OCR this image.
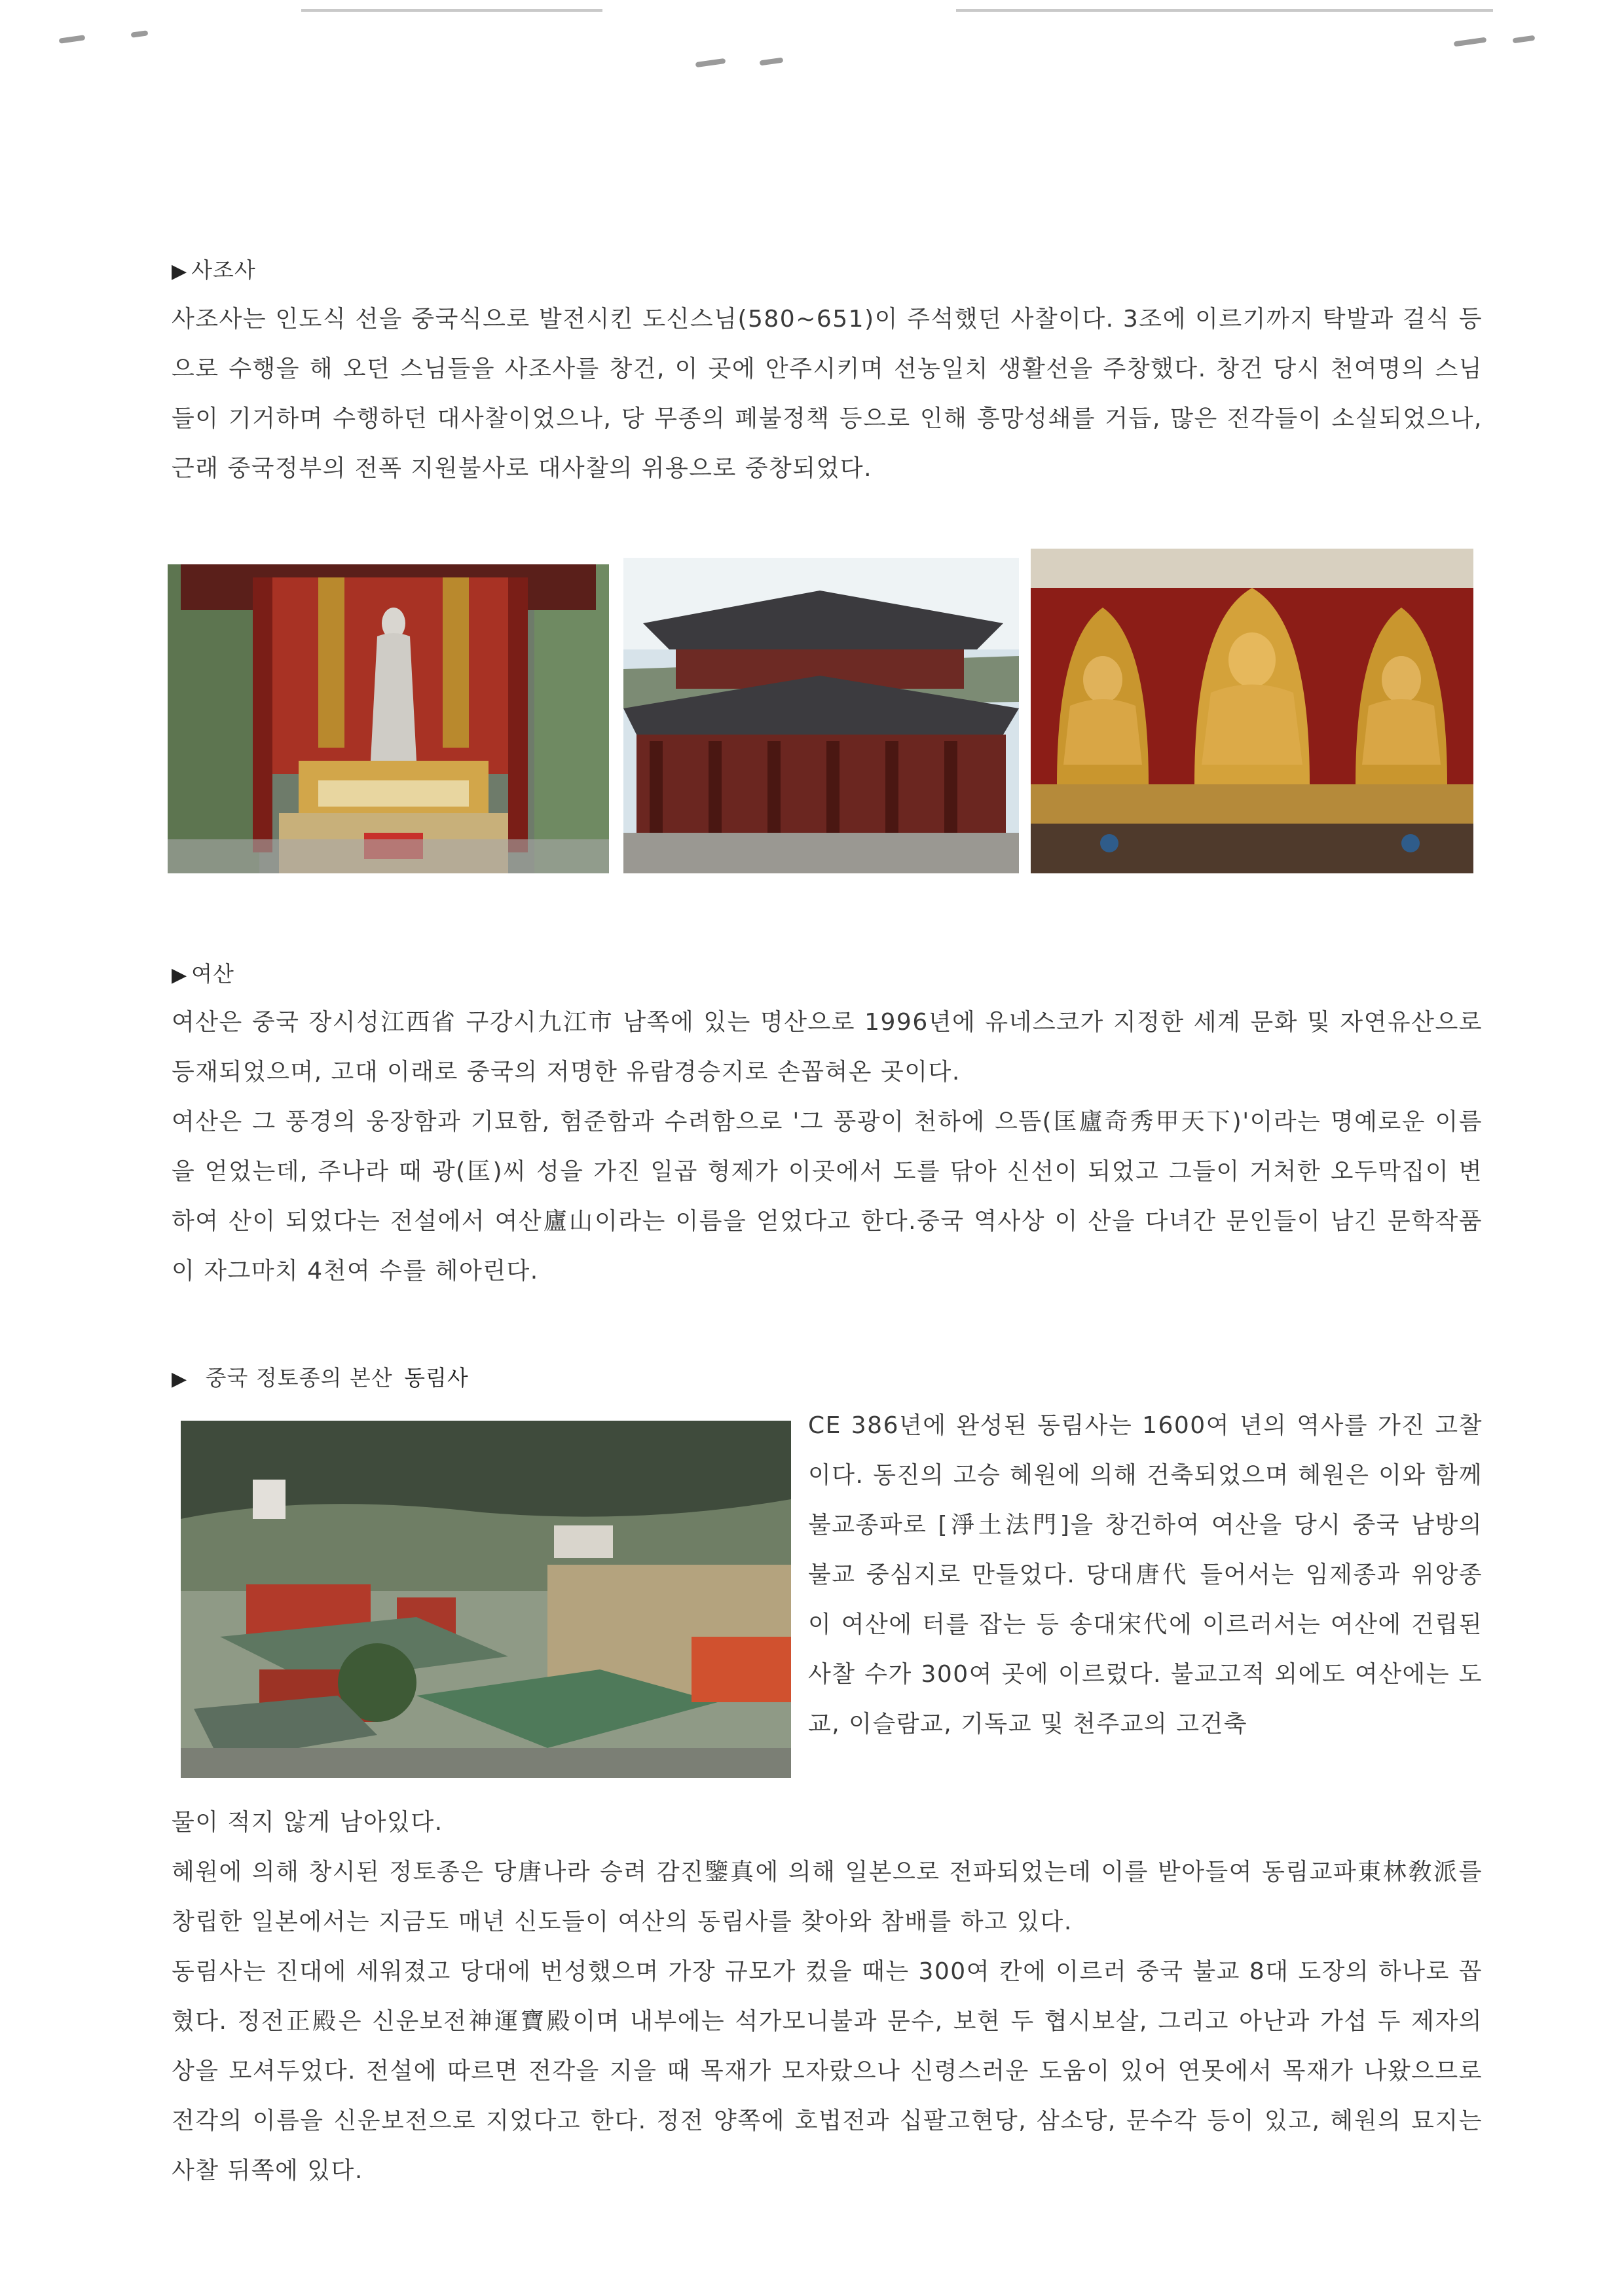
▶ 사조사

사조사는 인도식 선을 중국식으로 발전시킨 도신스님(580~651)이 주석했던 사찰이다. 3조에 이르기까지 탁발과 걸식 등으로 수행을 해 오던 스님들을 사조사를 창건, 이 곳에 안주시키며 선농일치 생활선을 주창했다. 창건 당시 천여명의 스님들이 기거하며 수행하던 대사찰이었으나, 당 무종의 폐불정책 등으로 인해 흥망성쇄를 거듭, 많은 전각들이 소실되었으나, 근래 중국정부의 전폭 지원불사로 대사찰의 위용으로 중창되었다.

▶ 여산

여산은 중국 장시성江西省 구강시九江市 남쪽에 있는 명산으로 1996년에 유네스코가 지정한 세계 문화 및 자연유산으로 등재되었으며, 고대 이래로 중국의 저명한 유람경승지로 손꼽혀온 곳이다.

여산은 그 풍경의 웅장함과 기묘함, 험준함과 수려함으로 '그 풍광이 천하에 으뜸(匡廬奇秀甲天下)'이라는 명예로운 이름을 얻었는데, 주나라 때 광(匡)씨 성을 가진 일곱 형제가 이곳에서 도를 닦아 신선이 되었고 그들이 거처한 오두막집이 변하여 산이 되었다는 전설에서 여산廬山이라는 이름을 얻었다고 한다.중국 역사상 이 산을 다녀간 문인들이 남긴 문학작품이 자그마치 4천여 수를 헤아린다.

▶ 중국 정토종의 본산 동림사

CE 386년에 완성된 동림사는 1600여 년의 역사를 가진 고찰이다. 동진의 고승 혜원에 의해 건축되었으며 혜원은 이와 함께 불교종파로 [淨土法門]을 창건하여 여산을 당시 중국 남방의 불교 중심지로 만들었다. 당대唐代 들어서는 임제종과 위앙종이 여산에 터를 잡는 등 송대宋代에 이르러서는 여산에 건립된 사찰 수가 300여 곳에 이르렀다. 불교고적 외에도 여산에는 도교, 이슬람교, 기독교 및 천주교의 고건축

물이 적지 않게 남아있다.

혜원에 의해 창시된 정토종은 당唐나라 승려 감진鑒真에 의해 일본으로 전파되었는데 이를 받아들여 동림교파東林敎派를 창립한 일본에서는 지금도 매년 신도들이 여산의 동림사를 찾아와 참배를 하고 있다.

동림사는 진대에 세워졌고 당대에 번성했으며 가장 규모가 컸을 때는 300여 칸에 이르러 중국 불교 8대 도장의 하나로 꼽혔다. 정전正殿은 신운보전神運寶殿이며 내부에는 석가모니불과 문수, 보현 두 협시보살, 그리고 아난과 가섭 두 제자의 상을 모셔두었다. 전설에 따르면 전각을 지을 때 목재가 모자랐으나 신령스러운 도움이 있어 연못에서 목재가 나왔으므로 전각의 이름을 신운보전으로 지었다고 한다. 정전 양쪽에 호법전과 십팔고현당, 삼소당, 문수각 등이 있고, 혜원의 묘지는 사찰 뒤쪽에 있다.
